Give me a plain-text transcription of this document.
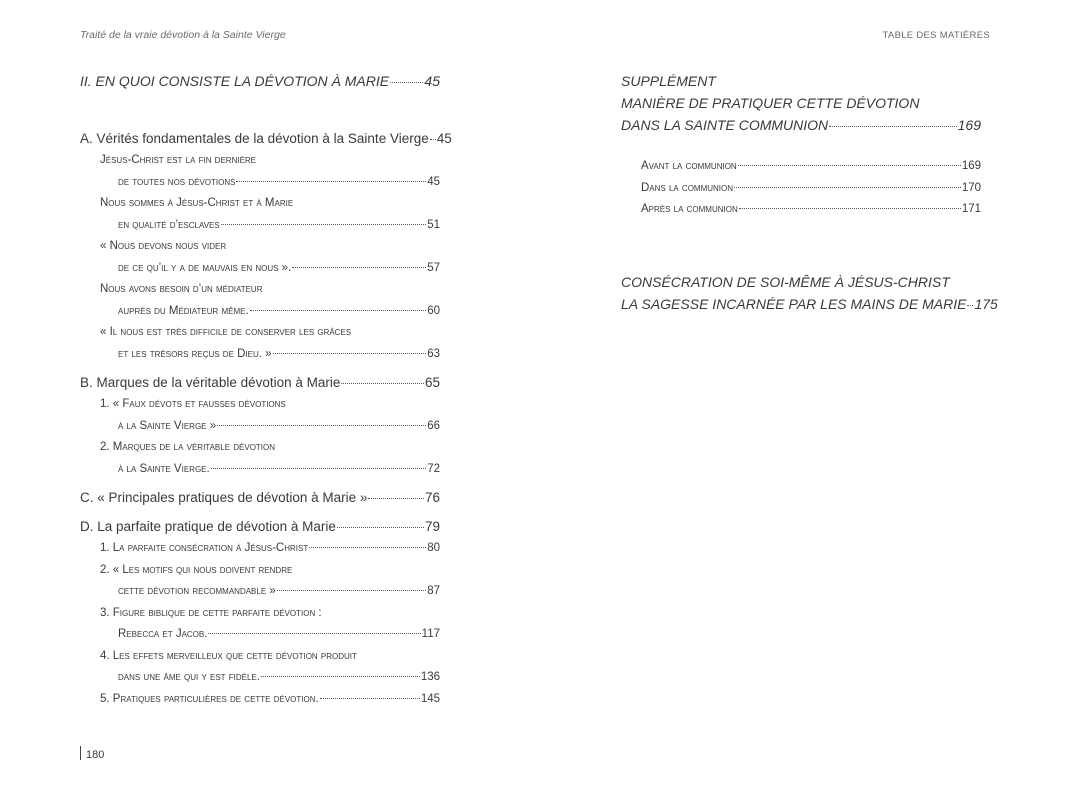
Traité de la vraie dévotion à la Sainte Vierge	TABLE DES MATIÈRES
II. EN QUOI CONSISTE LA DÉVOTION À MARIE	45
A. Vérités fondamentales de la dévotion à la Sainte Vierge 45
Jésus-Christ est la fin dernière
de toutes nos dévotions	45
Nous sommes à Jésus-Christ et à Marie
en qualité d’esclaves	51
« Nous devons nous vider
de ce qu’il y a de mauvais en nous ».	57
Nous avons besoin d’un médiateur
auprès du Médiateur même.	60
« Il nous est très difficile de conserver les grâces
et les trésors reçus de Dieu. »	63
B. Marques de la véritable dévotion à Marie	65
1. « Faux dévots et fausses dévotions
à la Sainte Vierge »	66
2. Marques de la véritable dévotion
à la Sainte Vierge.	72
C. « Principales pratiques de dévotion à Marie »	76
D. La parfaite pratique de dévotion à Marie	79
1. La parfaite consécration à Jésus-Christ	80
2. « Les motifs qui nous doivent rendre
cette dévotion recommandable »	87
3. Figure biblique de cette parfaite dévotion :
Rebecca et Jacob.	117
4. Les effets merveilleux que cette dévotion produit
dans une âme qui y est fidèle.	136
5. Pratiques particulières de cette dévotion.	145
SUPPLÉMENT
MANIÈRE DE PRATIQUER CETTE DÉVOTION
DANS LA SAINTE COMMUNION	169
Avant la communion	169
Dans la communion	170
Après la communion	171
CONSÉCRATION DE SOI-MÊME À JÉSUS-CHRIST
LA SAGESSE INCARNÉE PAR LES MAINS DE MARIE 175
180
